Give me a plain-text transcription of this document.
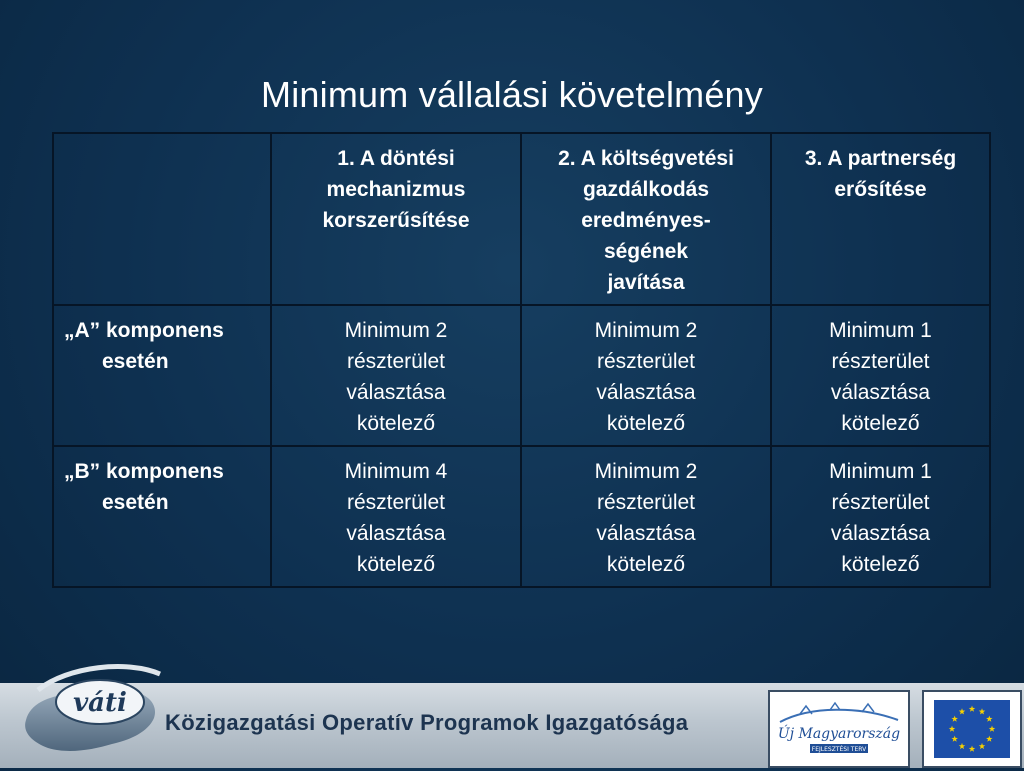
Minimum vállalási követelmény

	1. A döntési
mechanizmus
korszerűsítése	2. A költségvetési
gazdálkodás
eredményes-
ségének
javítása	3. A partnerség
erősítése

„A” komponens
esetén	Minimum 2
részterület
választása
kötelező	Minimum 2
részterület
választása
kötelező	Minimum 1
részterület
választása
kötelező

„B” komponens
esetén	Minimum 4
részterület
választása
kötelező	Minimum 2
részterület
választása
kötelező	Minimum 1
részterület
választása
kötelező
váti
Közigazgatási Operatív Programok Igazgatósága	Új Magyarország
FEJLESZTÉSI TERV
